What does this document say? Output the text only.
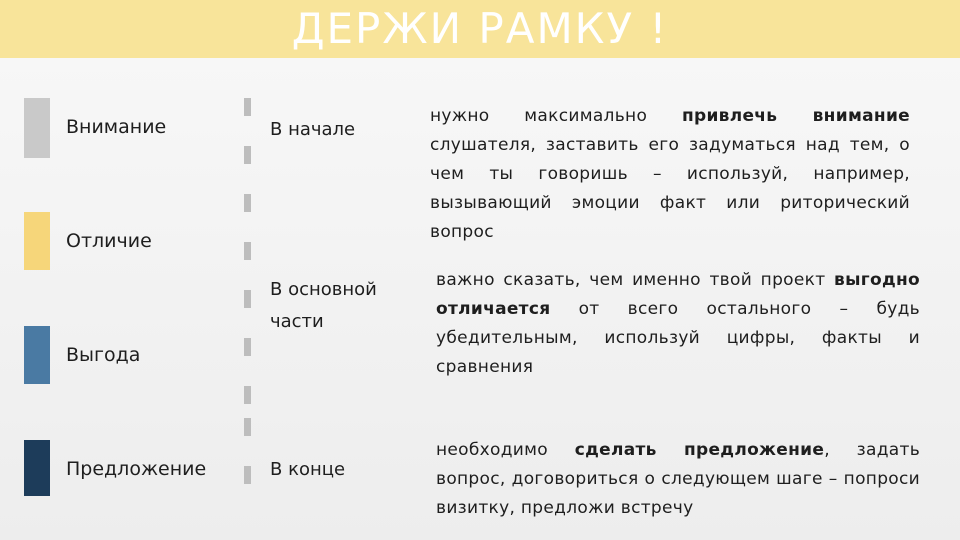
ДЕРЖИ РАМКУ !
Внимание
Отличие
Выгода
Предложение
В начале
нужно максимально привлечь внимание слушателя, заставить его задуматься над тем, о чем ты говоришь – используй, например, вызывающий эмоции факт или риторический вопрос
В основной части
важно сказать, чем именно твой проект выгодно отличается от всего остального – будь убедительным, используй цифры, факты и сравнения
В конце
необходимо сделать предложение, задать вопрос, договориться о следующем шаге – попроси визитку, предложи встречу
